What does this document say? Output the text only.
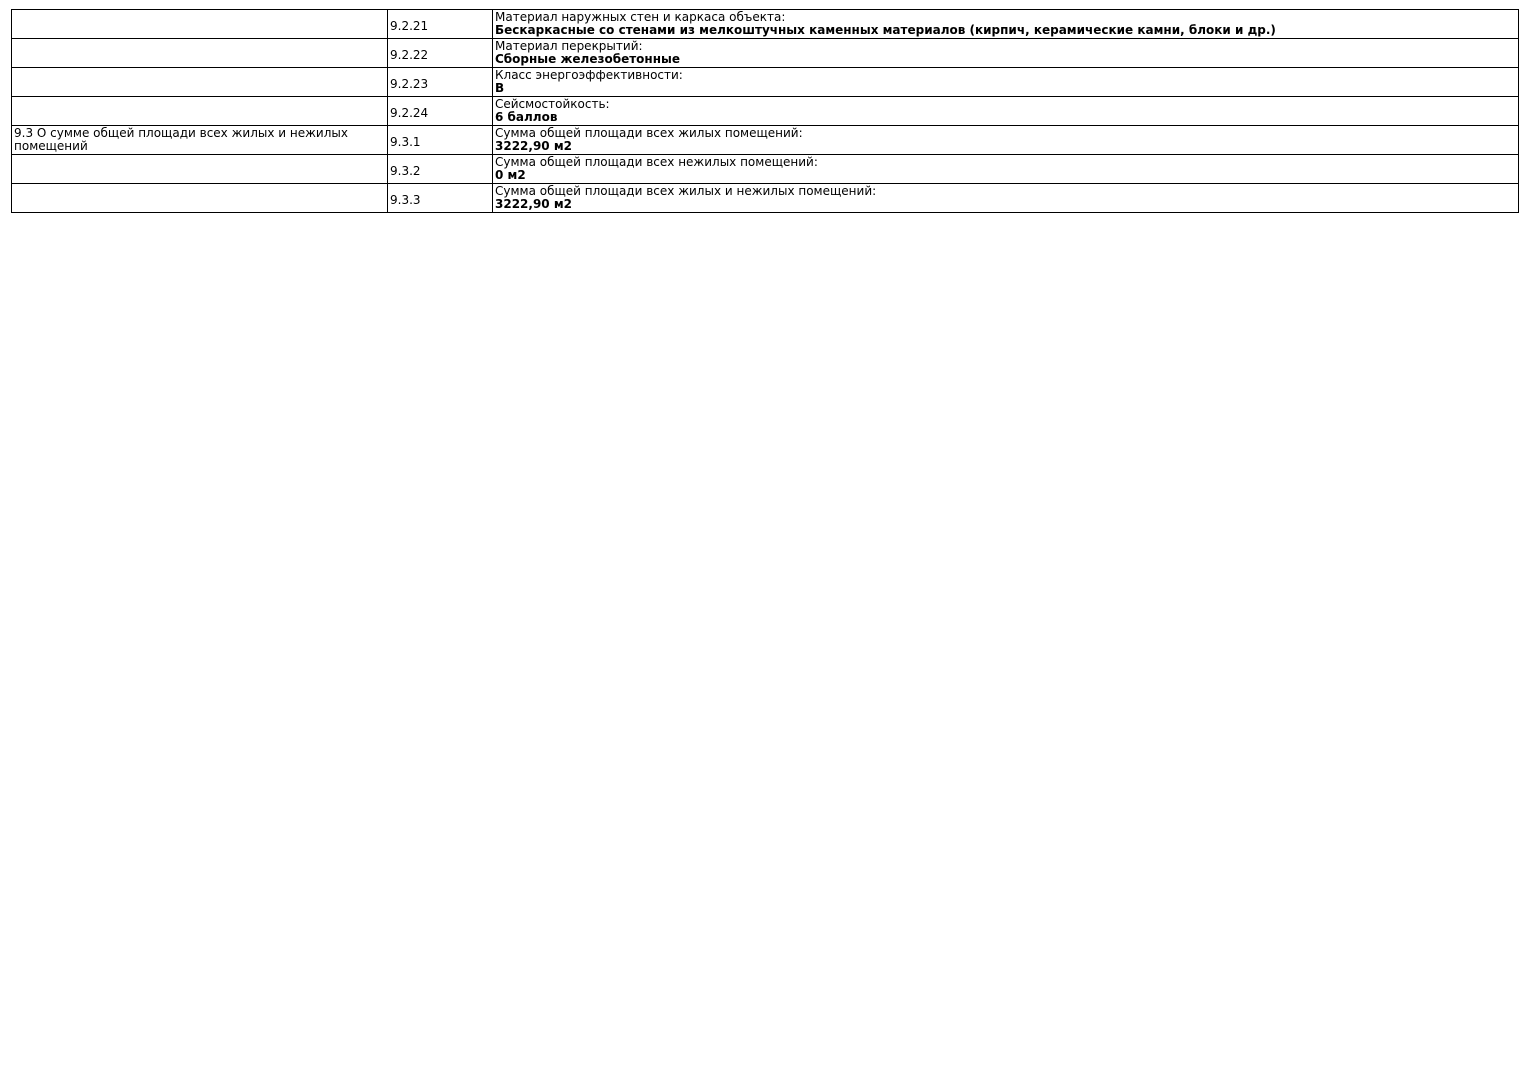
	9.2.21	Материал наружных стен и каркаса объекта:
Бескаркасные со стенами из мелкоштучных каменных материалов (кирпич, керамические камни, блоки и др.)

	9.2.22	Материал перекрытий:
Сборные железобетонные

	9.2.23	Класс энергоэффективности:
B

	9.2.24	Сейсмостойкость:
6 баллов

9.3 О сумме общей площади всех жилых и нежилых помещений	9.3.1	Сумма общей площади всех жилых помещений:
3222,90 м2

	9.3.2	Сумма общей площади всех нежилых помещений:
0 м2

	9.3.3	Сумма общей площади всех жилых и нежилых помещений:
3222,90 м2
